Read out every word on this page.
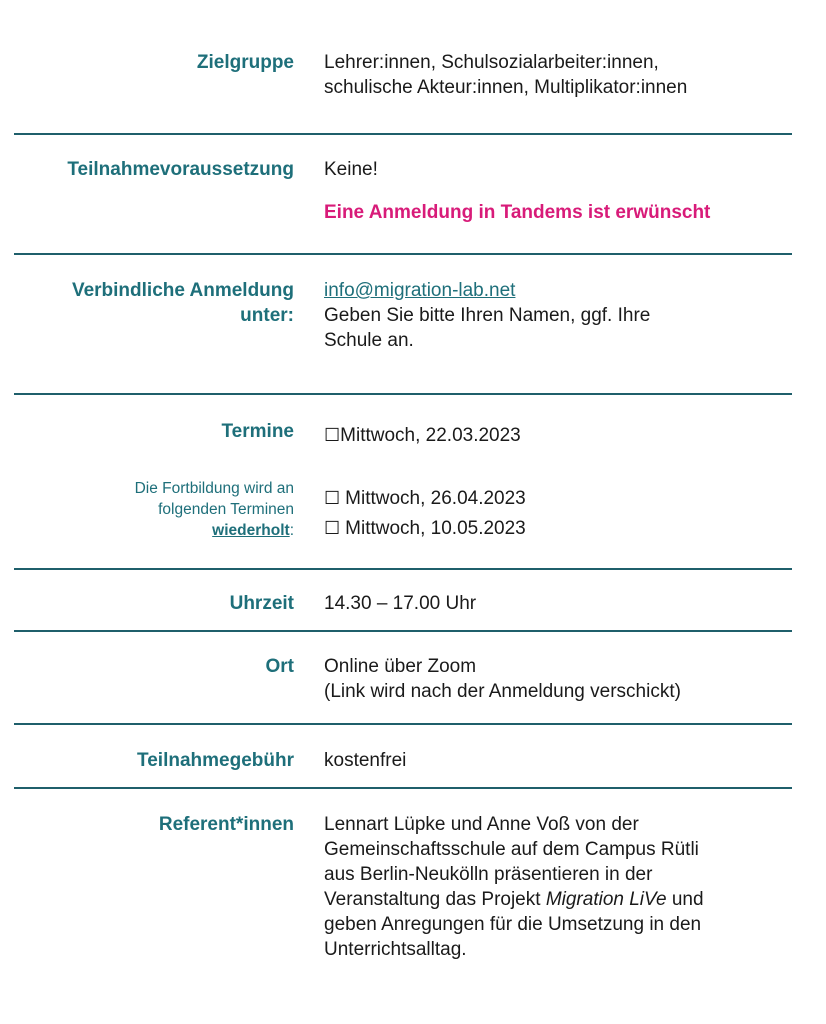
Zielgruppe Lehrer:innen, Schulsozialarbeiter:innen,
schulische Akteur:innen, Multiplikator:innen
Teilnahmevoraussetzung Keine!
Eine Anmeldung in Tandems ist erwünscht
Verbindliche Anmeldung
unter:
info@migration-lab.net
Geben Sie bitte Ihren Namen, ggf. Ihre
Schule an.
Termine ☐Mittwoch, 22.03.2023
Die Fortbildung wird an
folgenden Terminen
wiederholt:
☐ Mittwoch, 26.04.2023
☐ Mittwoch, 10.05.2023
Uhrzeit 14.30 – 17.00 Uhr
Ort Online über Zoom
(Link wird nach der Anmeldung verschickt)
Teilnahmegebühr kostenfrei
Referent*innen Lennart Lüpke und Anne Voß von der
Gemeinschaftsschule auf dem Campus Rütli
aus Berlin-Neukölln präsentieren in der
Veranstaltung das Projekt Migration LiVe und
geben Anregungen für die Umsetzung in den
Unterrichtsalltag.
